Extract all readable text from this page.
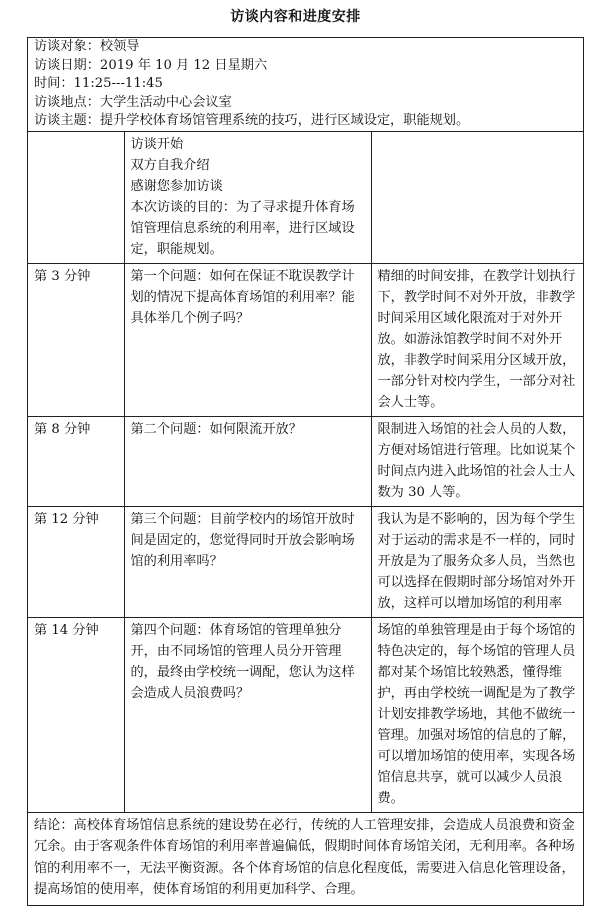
访谈内容和进度安排
访谈对象：校领导
访谈日期：2019 年 10 月 12 日星期六
时间：11:25---11:45
访谈地点：大学生活动中心会议室
访谈主题：提升学校体育场馆管理系统的技巧，进行区域设定，职能规划。

	访谈开始
双方自我介绍
感谢您参加访谈
本次访谈的目的：为了寻求提升体育场馆管理信息系统的利用率，进行区域设定，职能规划。	

第 3 分钟	第一个问题：如何在保证不耽误教学计划的情况下提高体育场馆的利用率？能具体举几个例子吗？	精细的时间安排，在教学计划执行下，教学时间不对外开放，非教学时间采用区域化限流对于对外开放。如游泳馆教学时间不对外开放，非教学时间采用分区域开放，一部分针对校内学生，一部分对社会人士等。
第 8 分钟	第二个问题：如何限流开放？	限制进入场馆的社会人员的人数，方便对场馆进行管理。比如说某个时间点内进入此场馆的社会人士人数为 30 人等。
第 12 分钟	第三个问题：目前学校内的场馆开放时间是固定的，您觉得同时开放会影响场馆的利用率吗？	我认为是不影响的，因为每个学生对于运动的需求是不一样的，同时开放是为了服务众多人员，当然也可以选择在假期时部分场馆对外开放，这样可以增加场馆的利用率
第 14 分钟	第四个问题：体育场馆的管理单独分开，由不同场馆的管理人员分开管理的，最终由学校统一调配，您认为这样会造成人员浪费吗？	场馆的单独管理是由于每个场馆的特色决定的，每个场馆的管理人员都对某个场馆比较熟悉，懂得维护，再由学校统一调配是为了教学计划安排教学场地，其他不做统一管理。加强对场馆的信息的了解，可以增加场馆的使用率，实现各场馆信息共享，就可以减少人员浪费。
结论：高校体育场馆信息系统的建设势在必行，传统的人工管理安排，会造成人员浪费和资金冗余。由于客观条件体育场馆的利用率普遍偏低，假期时间体育场馆关闭，无利用率。各种场馆的利用率不一，无法平衡资源。各个体育场馆的信息化程度低，需要进入信息化管理设备，提高场馆的使用率，使体育场馆的利用更加科学、合理。
